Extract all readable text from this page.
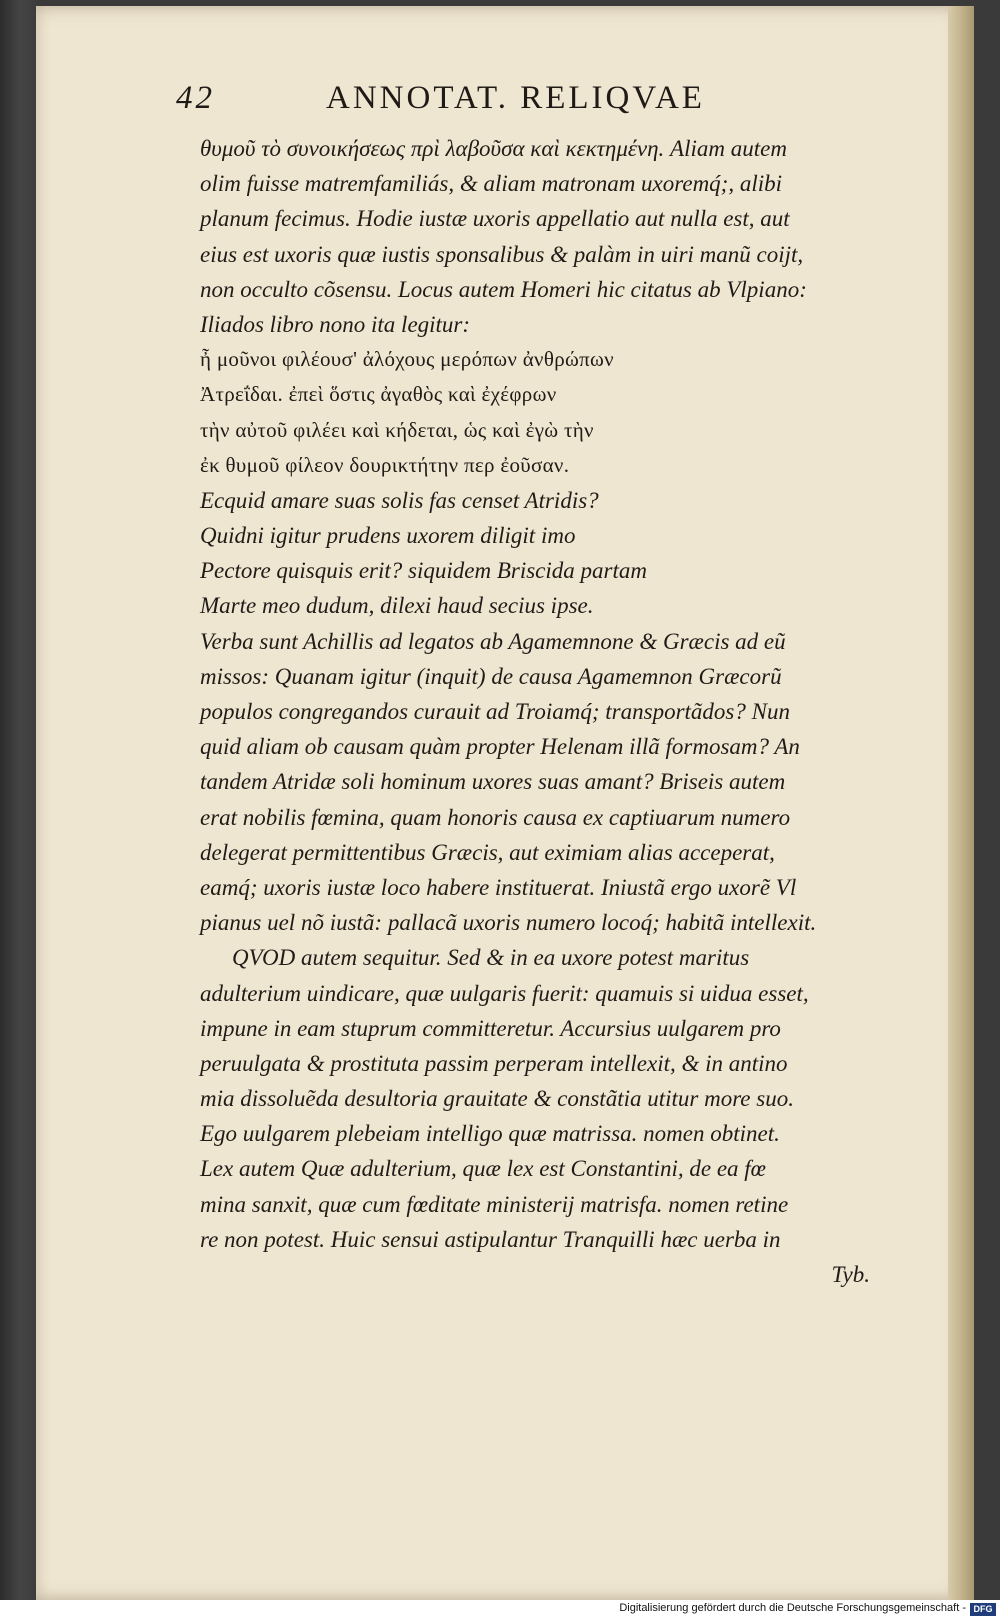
42	ANNOTAT. RELIQVAE
θυμοῦ τὸ συνοικήσεως πρὶ λαβοῦσα καὶ κεκτημένη. Aliam autem
olim fuisse matremfamiliás, & aliam matronam uxoremq́;, alibi
planum fecimus. Hodie iustæ uxoris appellatio aut nulla est, aut
eius est uxoris quæ iustis sponsalibus & palàm in uiri manũ coijt,
non occulto cõsensu. Locus autem Homeri hic citatus ab Vlpiano:
Iliados libro nono ita legitur:
ἦ μοῦνοι φιλέουσ' ἀλόχους μερόπων ἀνθρώπων
Ἀτρεΐδαι. ἐπεὶ ὅστις ἀγαθὸς καὶ ἐχέφρων
τὴν αὐτοῦ φιλέει καὶ κήδεται, ὡς καὶ ἐγὼ τὴν
ἐκ θυμοῦ φίλεον δουρικτήτην περ ἐοῦσαν.
Ecquid amare suas solis fas censet Atridis?
Quidni igitur prudens uxorem diligit imo
Pectore quisquis erit? siquidem Briscida partam
Marte meo dudum, dilexi haud secius ipse.
Verba sunt Achillis ad legatos ab Agamemnone & Græcis ad eũ
missos: Quanam igitur (inquit) de causa Agamemnon Græcorũ
populos congregandos curauit ad Troiamq́; transportãdos? Nun
quid aliam ob causam quàm propter Helenam illã formosam? An
tandem Atridæ soli hominum uxores suas amant? Briseis autem
erat nobilis fœmina, quam honoris causa ex captiuarum numero
delegerat permittentibus Græcis, aut eximiam alias acceperat,
eamq́; uxoris iustæ loco habere instituerat. Iniustã ergo uxorẽ Vl
pianus uel nõ iustã: pallacã uxoris numero locoq́; habitã intellexit.
QVOD autem sequitur. Sed & in ea uxore potest maritus
adulterium uindicare, quæ uulgaris fuerit: quamuis si uidua esset,
impune in eam stuprum committeretur. Accursius uulgarem pro
peruulgata & prostituta passim perperam intellexit, & in antino
mia dissoluẽda desultoria grauitate & constãtia utitur more suo.
Ego uulgarem plebeiam intelligo quæ matrissa. nomen obtinet.
Lex autem Quæ adulterium, quæ lex est Constantini, de ea fœ
mina sanxit, quæ cum fœditate ministerij matrisfa. nomen retine
re non potest. Huic sensui astipulantur Tranquilli hæc uerba in
Tyb.
Digitalisierung gefördert durch die Deutsche Forschungsgemeinschaft - DFG
